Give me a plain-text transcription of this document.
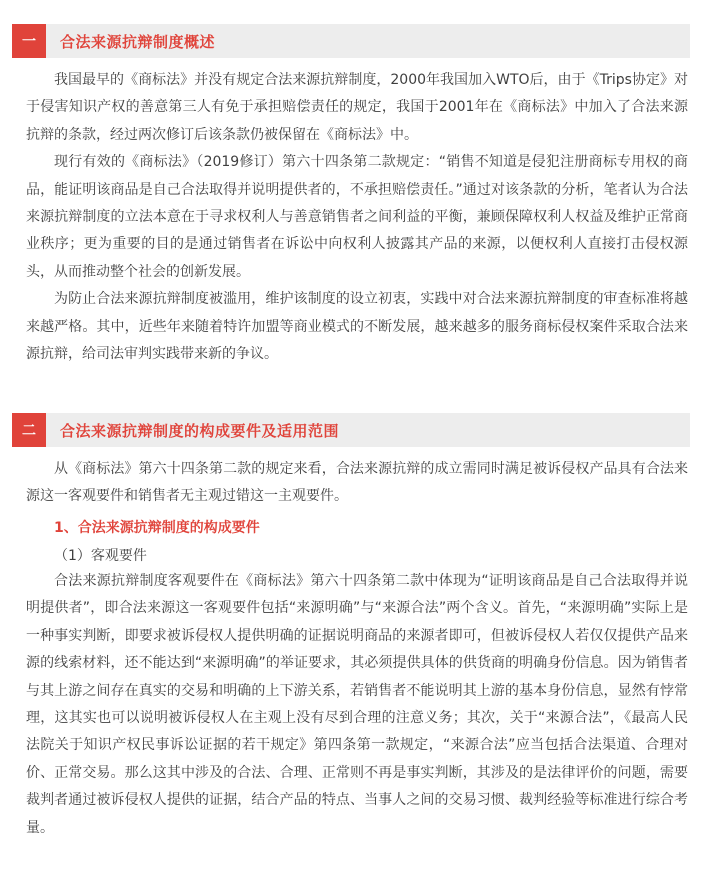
一	合法来源抗辩制度概述

我国最早的《商标法》并没有规定合法来源抗辩制度，2000年我国加入WTO后，由于《Trips协定》对于侵害知识产权的善意第三人有免于承担赔偿责任的规定，我国于2001年在《商标法》中加入了合法来源抗辩的条款，经过两次修订后该条款仍被保留在《商标法》中。

现行有效的《商标法》（2019修订）第六十四条第二款规定：“销售不知道是侵犯注册商标专用权的商品，能证明该商品是自己合法取得并说明提供者的，不承担赔偿责任。”通过对该条款的分析，笔者认为合法来源抗辩制度的立法本意在于寻求权利人与善意销售者之间利益的平衡，兼顾保障权利人权益及维护正常商业秩序；更为重要的目的是通过销售者在诉讼中向权利人披露其产品的来源，以便权利人直接打击侵权源头，从而推动整个社会的创新发展。

为防止合法来源抗辩制度被滥用，维护该制度的设立初衷，实践中对合法来源抗辩制度的审查标准将越来越严格。其中，近些年来随着特许加盟等商业模式的不断发展，越来越多的服务商标侵权案件采取合法来源抗辩，给司法审判实践带来新的争议。

二	合法来源抗辩制度的构成要件及适用范围

从《商标法》第六十四条第二款的规定来看，合法来源抗辩的成立需同时满足被诉侵权产品具有合法来源这一客观要件和销售者无主观过错这一主观要件。

1、合法来源抗辩制度的构成要件
（1）客观要件

合法来源抗辩制度客观要件在《商标法》第六十四条第二款中体现为“证明该商品是自己合法取得并说明提供者”，即合法来源这一客观要件包括“来源明确”与“来源合法”两个含义。首先，“来源明确”实际上是一种事实判断，即要求被诉侵权人提供明确的证据说明商品的来源者即可，但被诉侵权人若仅仅提供产品来源的线索材料，还不能达到“来源明确”的举证要求，其必须提供具体的供货商的明确身份信息。因为销售者与其上游之间存在真实的交易和明确的上下游关系，若销售者不能说明其上游的基本身份信息，显然有悖常理，这其实也可以说明被诉侵权人在主观上没有尽到合理的注意义务；其次，关于“来源合法”，《最高人民法院关于知识产权民事诉讼证据的若干规定》第四条第一款规定，“来源合法”应当包括合法渠道、合理对价、正常交易。那么这其中涉及的合法、合理、正常则不再是事实判断，其涉及的是法律评价的问题，需要裁判者通过被诉侵权人提供的证据，结合产品的特点、当事人之间的交易习惯、裁判经验等标准进行综合考量。
